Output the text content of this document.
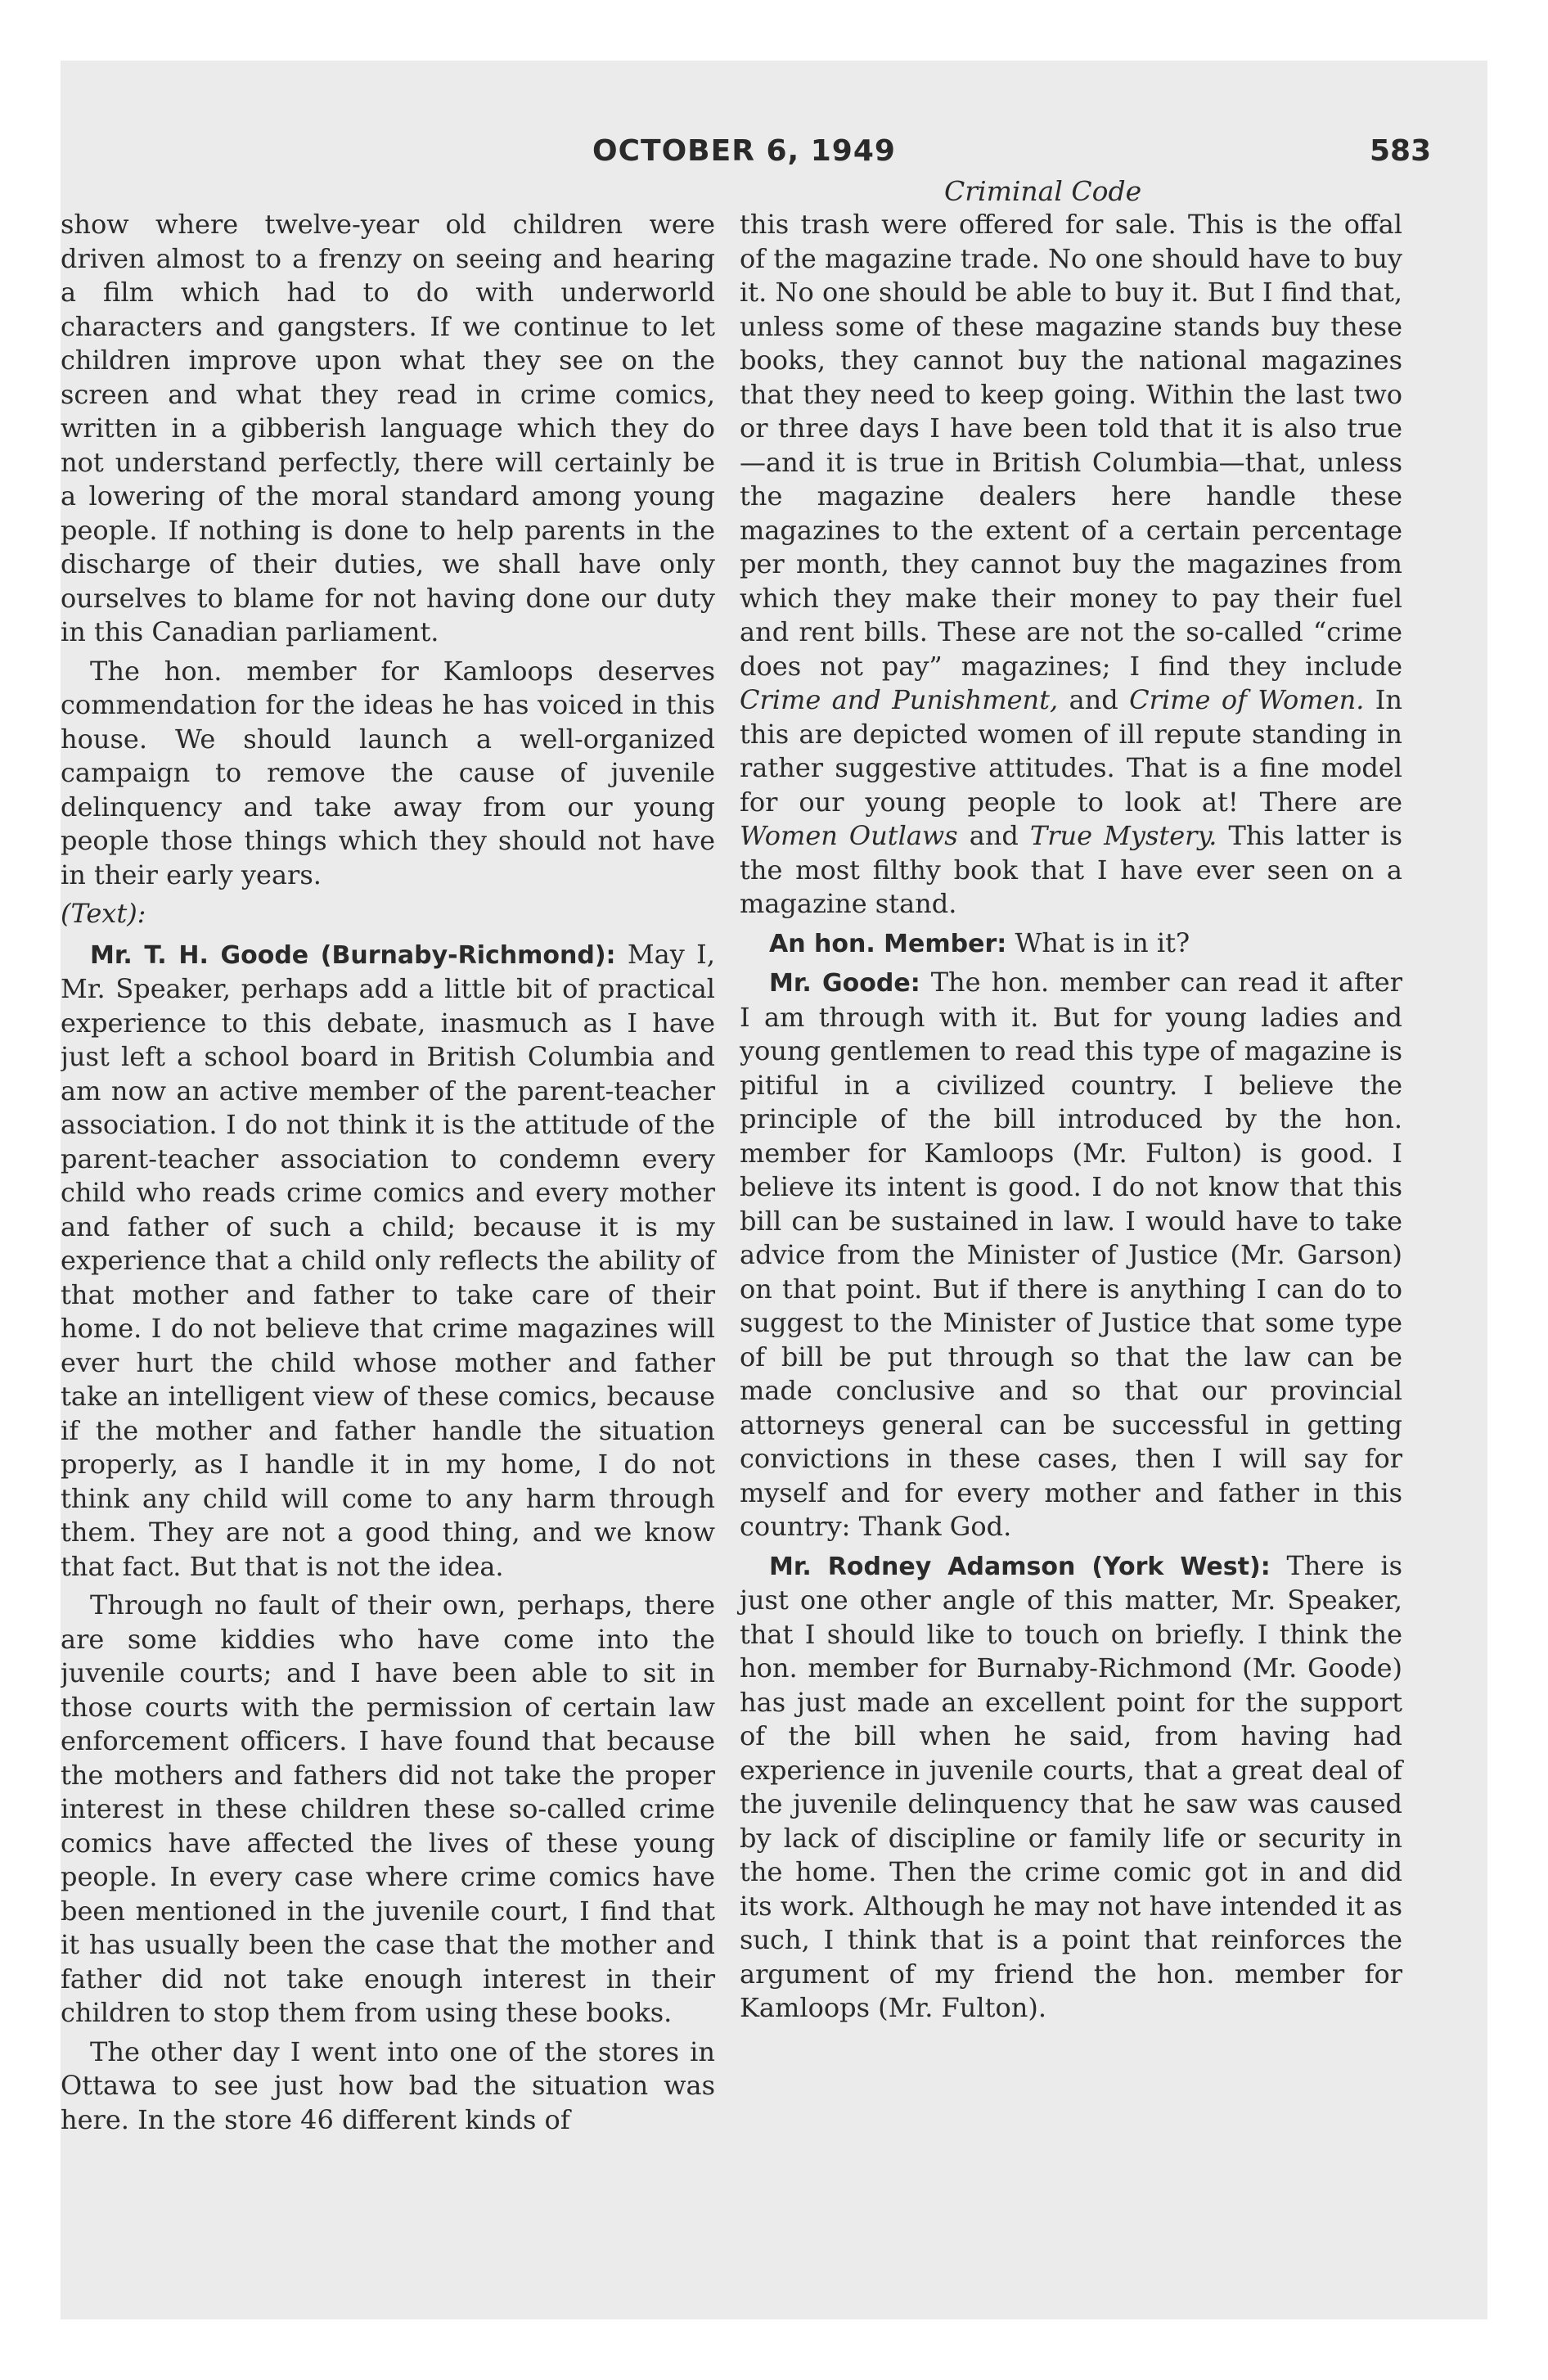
OCTOBER 6, 1949	583
Criminal Code

show where twelve-year old children were driven almost to a frenzy on seeing and hearing a film which had to do with underworld characters and gangsters. If we continue to let children improve upon what they see on the screen and what they read in crime comics, written in a gibberish language which they do not understand perfectly, there will certainly be a lowering of the moral standard among young people. If nothing is done to help parents in the discharge of their duties, we shall have only ourselves to blame for not having done our duty in this Canadian parliament.

The hon. member for Kamloops deserves commendation for the ideas he has voiced in this house. We should launch a well-organized campaign to remove the cause of juvenile delinquency and take away from our young people those things which they should not have in their early years.

(Text):

Mr. T. H. Goode (Burnaby-Richmond): May I, Mr. Speaker, perhaps add a little bit of practical experience to this debate, inasmuch as I have just left a school board in British Columbia and am now an active member of the parent-teacher association. I do not think it is the attitude of the parent-teacher association to condemn every child who reads crime comics and every mother and father of such a child; because it is my experience that a child only reflects the ability of that mother and father to take care of their home. I do not believe that crime magazines will ever hurt the child whose mother and father take an intelligent view of these comics, because if the mother and father handle the situation properly, as I handle it in my home, I do not think any child will come to any harm through them. They are not a good thing, and we know that fact. But that is not the idea.

Through no fault of their own, perhaps, there are some kiddies who have come into the juvenile courts; and I have been able to sit in those courts with the permission of certain law enforcement officers. I have found that because the mothers and fathers did not take the proper interest in these children these so-called crime comics have affected the lives of these young people. In every case where crime comics have been mentioned in the juvenile court, I find that it has usually been the case that the mother and father did not take enough interest in their children to stop them from using these books.

The other day I went into one of the stores in Ottawa to see just how bad the situation was here. In the store 46 different kinds of

this trash were offered for sale. This is the offal of the magazine trade. No one should have to buy it. No one should be able to buy it. But I find that, unless some of these magazine stands buy these books, they cannot buy the national magazines that they need to keep going. Within the last two or three days I have been told that it is also true —and it is true in British Columbia—that, unless the magazine dealers here handle these magazines to the extent of a certain percentage per month, they cannot buy the magazines from which they make their money to pay their fuel and rent bills. These are not the so-called “crime does not pay” magazines; I find they include Crime and Punishment, and Crime of Women. In this are depicted women of ill repute standing in rather suggestive attitudes. That is a fine model for our young people to look at! There are Women Outlaws and True Mystery. This latter is the most filthy book that I have ever seen on a magazine stand.

An hon. Member: What is in it?

Mr. Goode: The hon. member can read it after I am through with it. But for young ladies and young gentlemen to read this type of magazine is pitiful in a civilized country. I believe the principle of the bill introduced by the hon. member for Kamloops (Mr. Fulton) is good. I believe its intent is good. I do not know that this bill can be sustained in law. I would have to take advice from the Minister of Justice (Mr. Garson) on that point. But if there is anything I can do to suggest to the Minister of Justice that some type of bill be put through so that the law can be made conclusive and so that our provincial attorneys general can be successful in getting convictions in these cases, then I will say for myself and for every mother and father in this country: Thank God.

Mr. Rodney Adamson (York West): There is just one other angle of this matter, Mr. Speaker, that I should like to touch on briefly. I think the hon. member for Burnaby-Richmond (Mr. Goode) has just made an excellent point for the support of the bill when he said, from having had experience in juvenile courts, that a great deal of the juvenile delinquency that he saw was caused by lack of discipline or family life or security in the home. Then the crime comic got in and did its work. Although he may not have intended it as such, I think that is a point that reinforces the argument of my friend the hon. member for Kamloops (Mr. Fulton).
